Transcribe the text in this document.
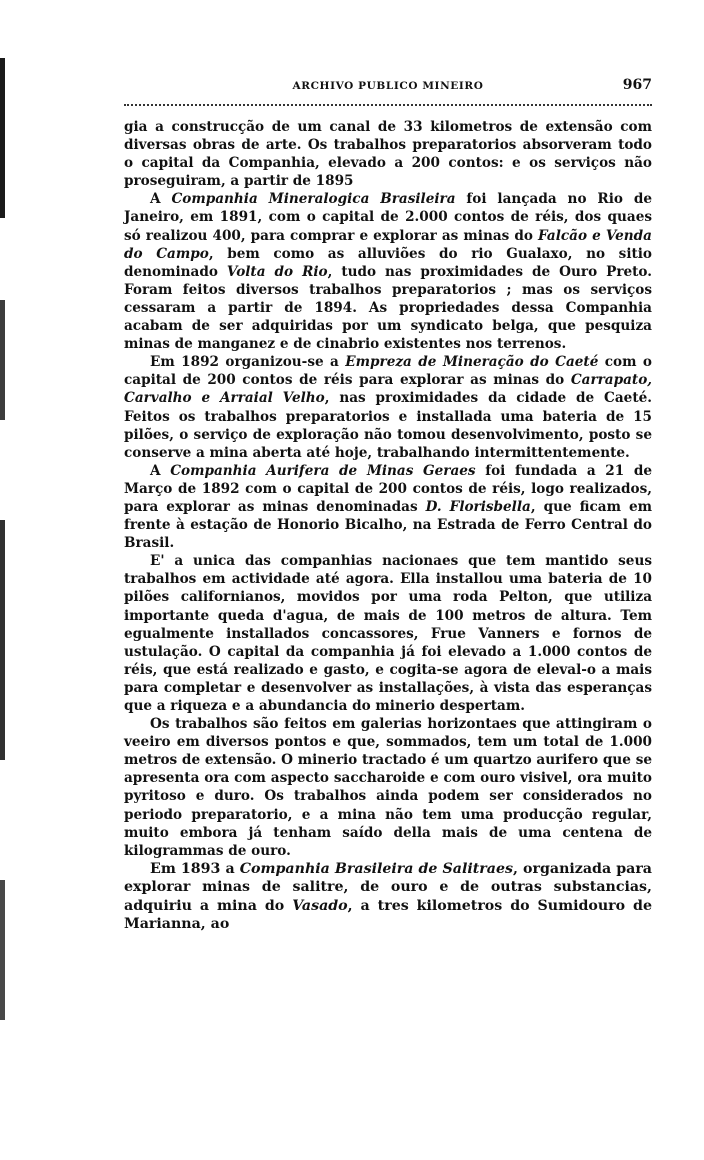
ARCHIVO PUBLICO MINEIRO	967

gia a construcção de um canal de 33 kilometros de extensão com diversas obras de arte. Os trabalhos preparatorios absorveram todo o capital da Companhia, elevado a 200 contos: e os serviços não proseguiram, a partir de 1895

A Companhia Mineralogica Brasileira foi lançada no Rio de Janeiro, em 1891, com o capital de 2.000 contos de réis, dos quaes só realizou 400, para comprar e explorar as minas do Falcão e Venda do Campo, bem como as alluviões do rio Gualaxo, no sitio denominado Volta do Rio, tudo nas proximidades de Ouro Preto. Foram feitos diversos trabalhos preparatorios ; mas os serviços cessaram a partir de 1894. As propriedades dessa Companhia acabam de ser adquiridas por um syndicato belga, que pesquiza minas de manganez e de cinabrio existentes nos terrenos.

Em 1892 organizou-se a Empreza de Mineração do Caeté com o capital de 200 contos de réis para explorar as minas do Carrapato, Carvalho e Arraial Velho, nas proximidades da cidade de Caeté. Feitos os trabalhos preparatorios e installada uma bateria de 15 pilões, o serviço de exploração não tomou desenvolvimento, posto se conserve a mina aberta até hoje, trabalhando intermittentemente.

A Companhia Aurifera de Minas Geraes foi fundada a 21 de Março de 1892 com o capital de 200 contos de réis, logo realizados, para explorar as minas denominadas D. Florisbella, que ficam em frente à estação de Honorio Bicalho, na Estrada de Ferro Central do Brasil.

E' a unica das companhias nacionaes que tem mantido seus trabalhos em actividade até agora. Ella installou uma bateria de 10 pilões californianos, movidos por uma roda Pelton, que utiliza importante queda d'agua, de mais de 100 metros de altura. Tem egualmente installados concassores, Frue Vanners e fornos de ustulação. O capital da companhia já foi elevado a 1.000 contos de réis, que está realizado e gasto, e cogita-se agora de eleval-o a mais para completar e desenvolver as installações, à vista das esperanças que a riqueza e a abundancia do minerio despertam.

Os trabalhos são feitos em galerias horizontaes que attingiram o veeiro em diversos pontos e que, sommados, tem um total de 1.000 metros de extensão. O minerio tractado é um quartzo aurifero que se apresenta ora com aspecto saccharoide e com ouro visivel, ora muito pyritoso e duro. Os trabalhos ainda podem ser considerados no periodo preparatorio, e a mina não tem uma producção regular, muito embora já tenham saído della mais de uma centena de kilogrammas de ouro.

Em 1893 a Companhia Brasileira de Salitraes, organizada para explorar minas de salitre, de ouro e de outras substancias, adquiriu a mina do Vasado, a tres kilometros do Sumidouro de Marianna, ao
